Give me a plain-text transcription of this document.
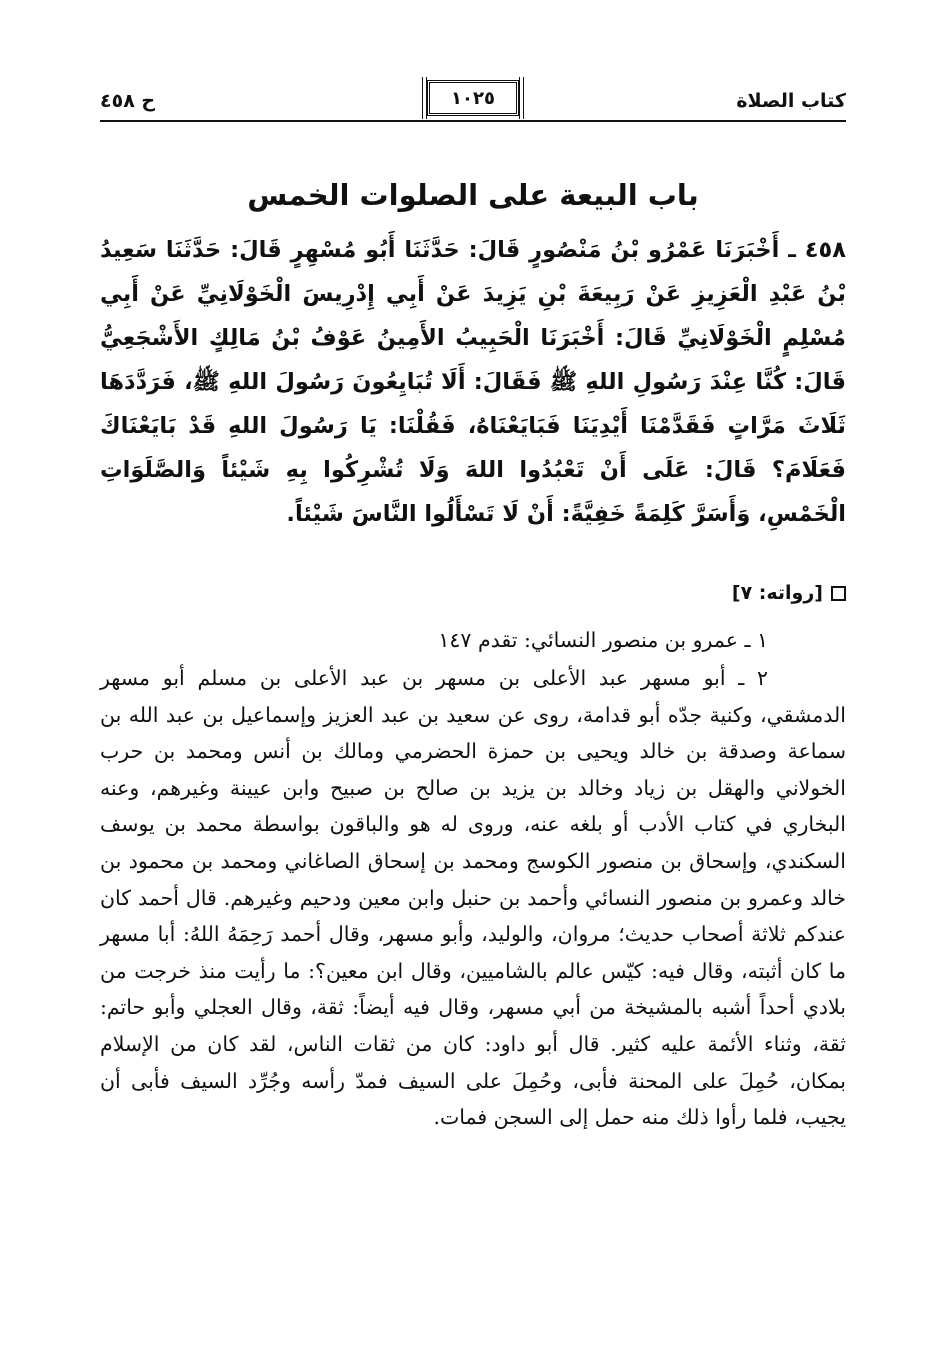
كتاب الصلاة
١٠٢٥
ح ٤٥٨
باب البيعة على الصلوات الخمس

٤٥٨ ـ أَخْبَرَنَا عَمْرُو بْنُ مَنْصُورٍ قَالَ: حَدَّثَنَا أَبُو مُسْهِرٍ قَالَ: حَدَّثَنَا سَعِيدُ بْنُ عَبْدِ الْعَزِيزِ عَنْ رَبِيعَةَ بْنِ يَزِيدَ عَنْ أَبِي إِدْرِيسَ الْخَوْلَانِيِّ عَنْ أَبِي مُسْلِمٍ الْخَوْلَانِيِّ قَالَ: أَخْبَرَنَا الْحَبِيبُ الأَمِينُ عَوْفُ بْنُ مَالِكٍ الأَشْجَعِيُّ قَالَ: كُنَّا عِنْدَ رَسُولِ اللهِ ﷺ فَقَالَ: أَلَا تُبَايِعُونَ رَسُولَ اللهِ ﷺ، فَرَدَّدَهَا ثَلَاثَ مَرَّاتٍ فَقَدَّمْنَا أَيْدِيَنَا فَبَايَعْنَاهُ، فَقُلْنَا: يَا رَسُولَ اللهِ قَدْ بَايَعْنَاكَ فَعَلَامَ؟ قَالَ: عَلَى أَنْ تَعْبُدُوا اللهَ وَلَا تُشْرِكُوا بِهِ شَيْئاً وَالصَّلَوَاتِ الْخَمْسِ، وَأَسَرَّ كَلِمَةً خَفِيَّةً: أَنْ لَا تَسْأَلُوا النَّاسَ شَيْئاً.

[رواته: ٧]

١ ـ عمرو بن منصور النسائي: تقدم ١٤٧

٢ ـ أبو مسهر عبد الأعلى بن مسهر بن عبد الأعلى بن مسلم أبو مسهر الدمشقي، وكنية جدّه أبو قدامة، روى عن سعيد بن عبد العزيز وإسماعيل بن عبد الله بن سماعة وصدقة بن خالد ويحيى بن حمزة الحضرمي ومالك بن أنس ومحمد بن حرب الخولاني والهقل بن زياد وخالد بن يزيد بن صالح بن صبيح وابن عيينة وغيرهم، وعنه البخاري في كتاب الأدب أو بلغه عنه، وروى له هو والباقون بواسطة محمد بن يوسف السكندي، وإسحاق بن منصور الكوسج ومحمد بن إسحاق الصاغاني ومحمد بن محمود بن خالد وعمرو بن منصور النسائي وأحمد بن حنبل وابن معين ودحيم وغيرهم. قال أحمد كان عندكم ثلاثة أصحاب حديث؛ مروان، والوليد، وأبو مسهر، وقال أحمد رَحِمَهُ اللهُ: أبا مسهر ما كان أثبته، وقال فيه: كيّس عالم بالشاميين، وقال ابن معين؟: ما رأيت منذ خرجت من بلادي أحداً أشبه بالمشيخة من أبي مسهر، وقال فيه أيضاً: ثقة، وقال العجلي وأبو حاتم: ثقة، وثناء الأئمة عليه كثير. قال أبو داود: كان من ثقات الناس، لقد كان من الإسلام بمكان، حُمِلَ على المحنة فأبى، وحُمِلَ على السيف فمدّ رأسه وجُرِّد السيف فأبى أن يجيب، فلما رأوا ذلك منه حمل إلى السجن فمات.
